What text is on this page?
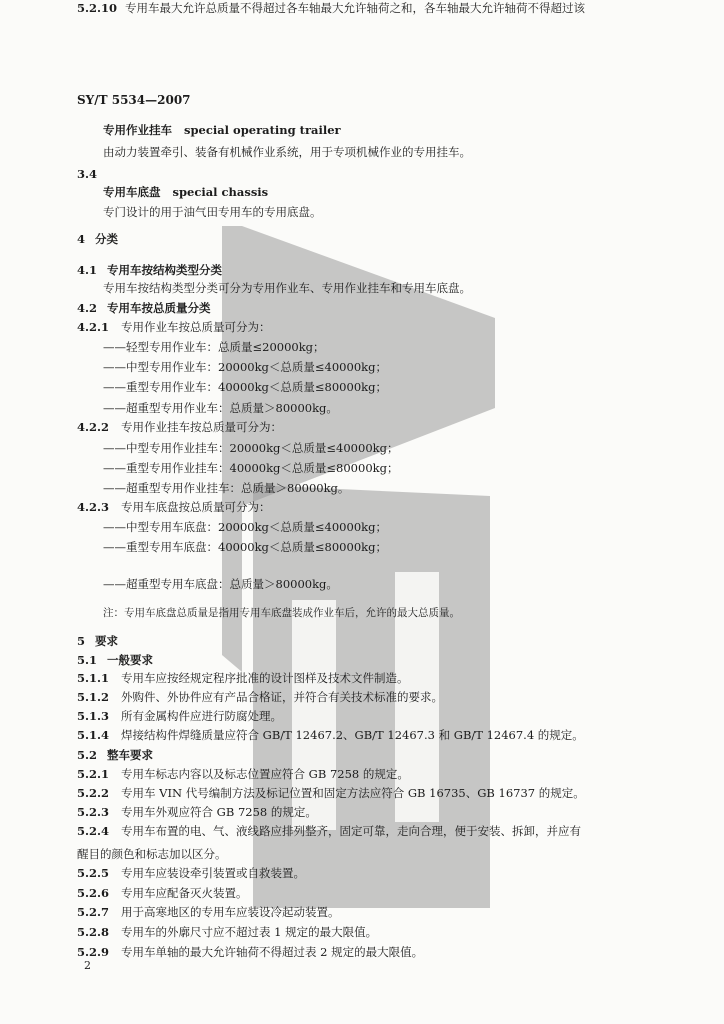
SY/T 5534—2007
2
专用作业挂车 special operating trailer
由动力装置牵引、装备有机械作业系统，用于专项机械作业的专用挂车。
3.4
专用车底盘 special chassis
专门设计的用于油气田专用车的专用底盘。
4 分类
4.1 专用车按结构类型分类
专用车按结构类型分类可分为专用作业车、专用作业挂车和专用车底盘。
4.2 专用车按总质量分类
4.2.1 专用作业车按总质量可分为：
——轻型专用作业车：总质量≤20000kg；
——中型专用作业车：20000kg＜总质量≤40000kg；
——重型专用作业车：40000kg＜总质量≤80000kg；
——超重型专用作业车：总质量＞80000kg。
4.2.2 专用作业挂车按总质量可分为：
——中型专用作业挂车：20000kg＜总质量≤40000kg；
——重型专用作业挂车：40000kg＜总质量≤80000kg；
——超重型专用作业挂车：总质量＞80000kg。
4.2.3 专用车底盘按总质量可分为：
——中型专用车底盘：20000kg＜总质量≤40000kg；
——重型专用车底盘：40000kg＜总质量≤80000kg；
——超重型专用车底盘：总质量＞80000kg。
注：专用车底盘总质量是指用专用车底盘装成作业车后，允许的最大总质量。
5 要求
5.1 一般要求
5.1.1 专用车应按经规定程序批准的设计图样及技术文件制造。
5.1.2 外购件、外协件应有产品合格证，并符合有关技术标准的要求。
5.1.3 所有金属构件应进行防腐处理。
5.1.4 焊接结构件焊缝质量应符合 GB/T 12467.2、GB/T 12467.3 和 GB/T 12467.4 的规定。
5.2 整车要求
5.2.1 专用车标志内容以及标志位置应符合 GB 7258 的规定。
5.2.2 专用车 VIN 代号编制方法及标记位置和固定方法应符合 GB 16735、GB 16737 的规定。
5.2.3 专用车外观应符合 GB 7258 的规定。
5.2.4 专用车布置的电、气、液线路应排列整齐，固定可靠，走向合理，便于安装、拆卸，并应有
醒目的颜色和标志加以区分。
5.2.5 专用车应装设牵引装置或自救装置。
5.2.6 专用车应配备灭火装置。
5.2.7 用于高寒地区的专用车应装设冷起动装置。
5.2.8 专用车的外廓尺寸应不超过表 1 规定的最大限值。
5.2.9 专用车单轴的最大允许轴荷不得超过表 2 规定的最大限值。
5.2.10 专用车最大允许总质量不得超过各车轴最大允许轴荷之和，各车轴最大允许轴荷不得超过该
